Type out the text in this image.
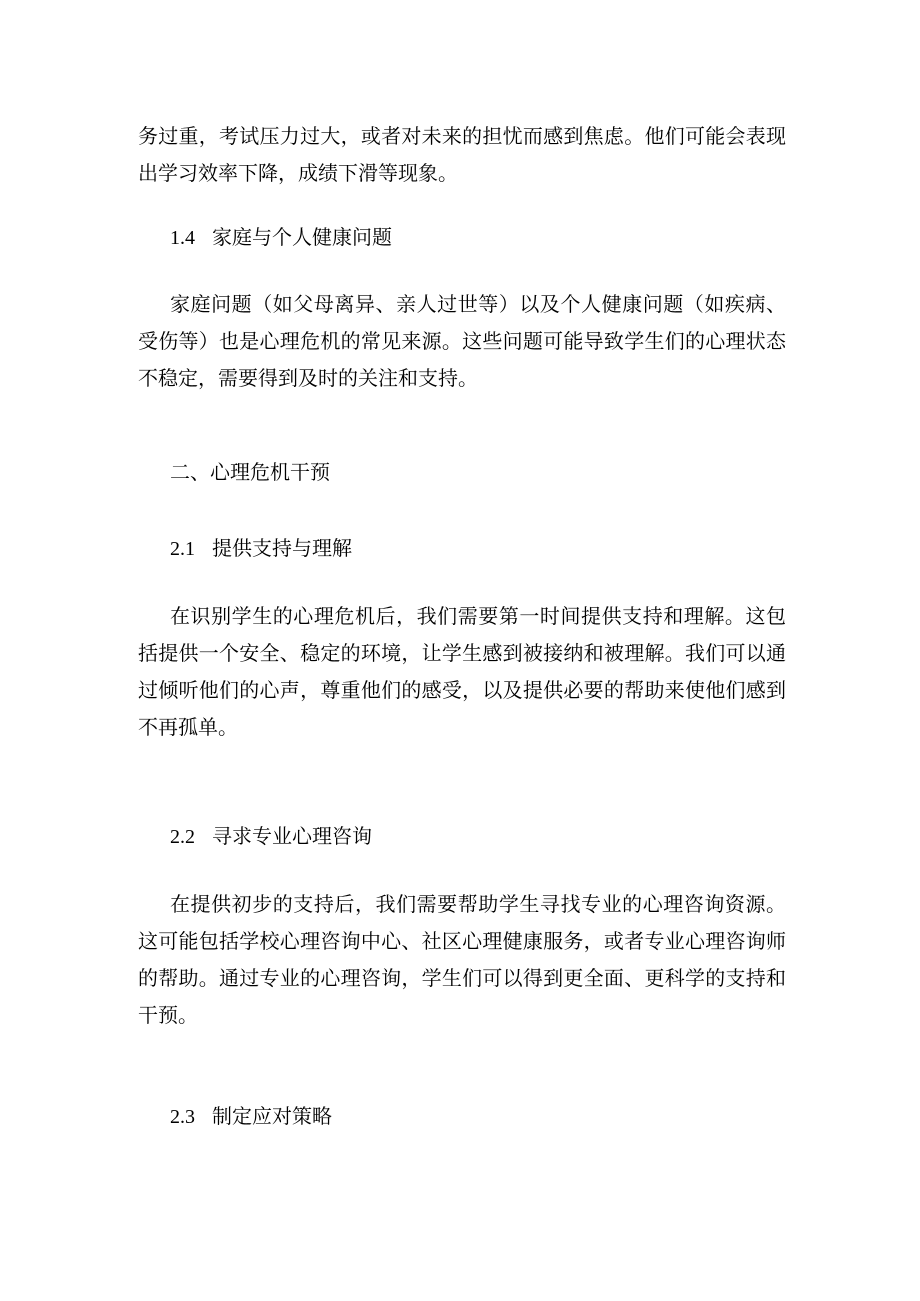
务过重，考试压力过大，或者对未来的担忧而感到焦虑。他们可能会表现出学习效率下降，成绩下滑等现象。

1.4 家庭与个人健康问题

家庭问题（如父母离异、亲人过世等）以及个人健康问题（如疾病、受伤等）也是心理危机的常见来源。这些问题可能导致学生们的心理状态不稳定，需要得到及时的关注和支持。

二、心理危机干预
2.1 提供支持与理解

在识别学生的心理危机后，我们需要第一时间提供支持和理解。这包括提供一个安全、稳定的环境，让学生感到被接纳和被理解。我们可以通过倾听他们的心声，尊重他们的感受，以及提供必要的帮助来使他们感到不再孤单。

2.2 寻求专业心理咨询

在提供初步的支持后，我们需要帮助学生寻找专业的心理咨询资源。这可能包括学校心理咨询中心、社区心理健康服务，或者专业心理咨询师的帮助。通过专业的心理咨询，学生们可以得到更全面、更科学的支持和干预。

2.3 制定应对策略
